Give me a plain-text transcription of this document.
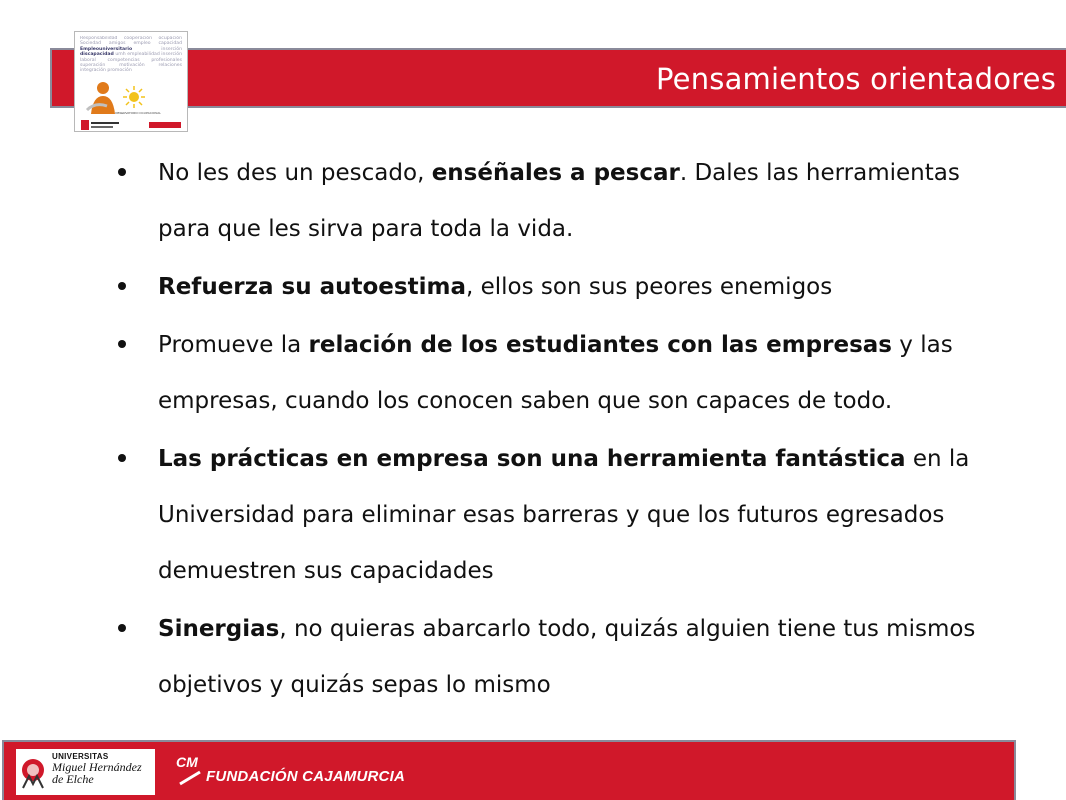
Pensamientos orientadores
Responsabilidad cooperación ocupación Sociedad amigos empleo capacidad Empleouniversitario	inserción discapacidad umh empleabilidad inserción laboral competencias profesionales superación motivación relaciones integración promoción
OBSERVATORIO OCUPACIONAL
No les des un pescado, enséñales a pescar. Dales las herramientas para que les sirva para toda la vida.
Refuerza su autoestima, ellos son sus peores enemigos
Promueve la relación de los estudiantes con las empresas y las empresas, cuando los conocen saben que son capaces de todo.
Las prácticas en empresa son una herramienta fantástica en la Universidad para eliminar esas barreras y que los futuros egresados demuestren sus capacidades
Sinergias, no quieras abarcarlo todo, quizás alguien tiene tus mismos objetivos y quizás sepas lo mismo
UNIVERSITAS
Miguel Hernández
de Elche
CM
FUNDACIÓN CAJAMURCIA
